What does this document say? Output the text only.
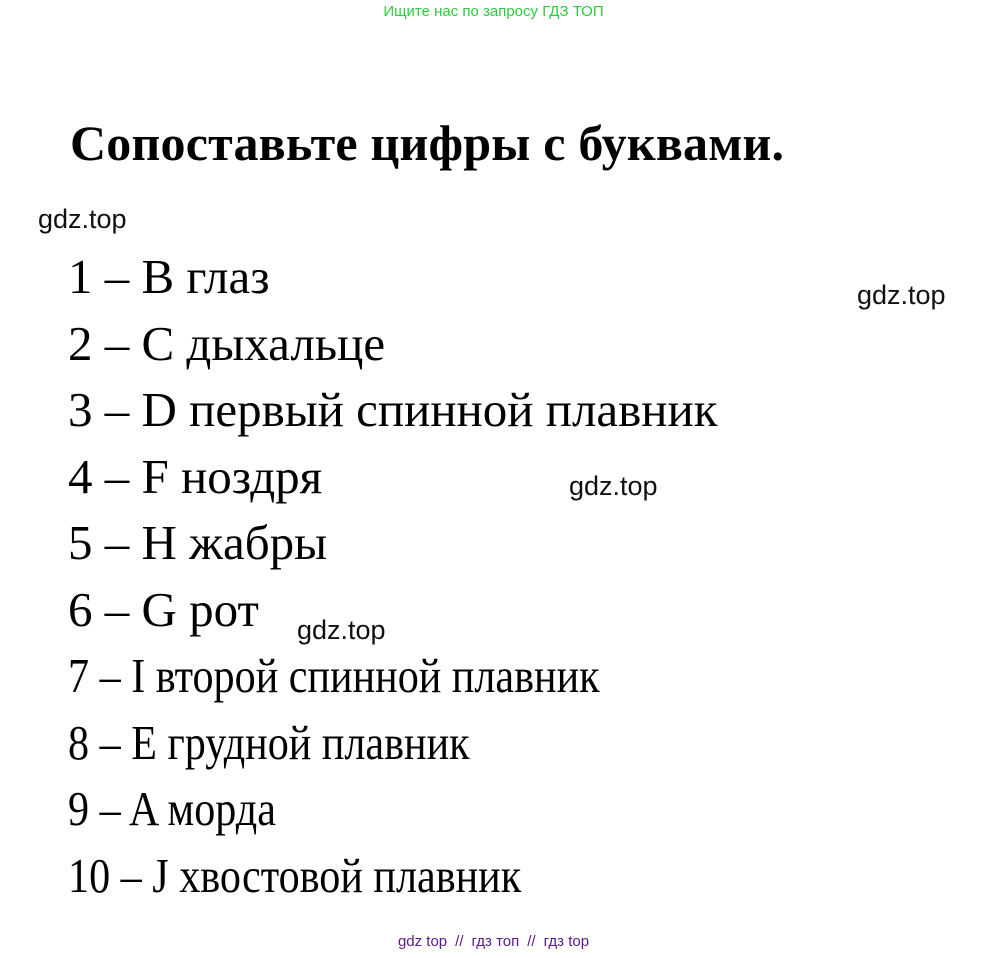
Ищите нас по запросу ГДЗ ТОП
Сопоставьте цифры с буквами.
gdz.top
gdz.top
gdz.top
gdz.top
1 – B глаз
2 – C дыхальце
3 – D первый спинной плавник
4 – F ноздря
5 – H жабры
6 – G рот
7 – I второй спинной плавник
8 – E грудной плавник
9 – A морда
10 – J хвостовой плавник
gdz top // гдз топ // гдз top
